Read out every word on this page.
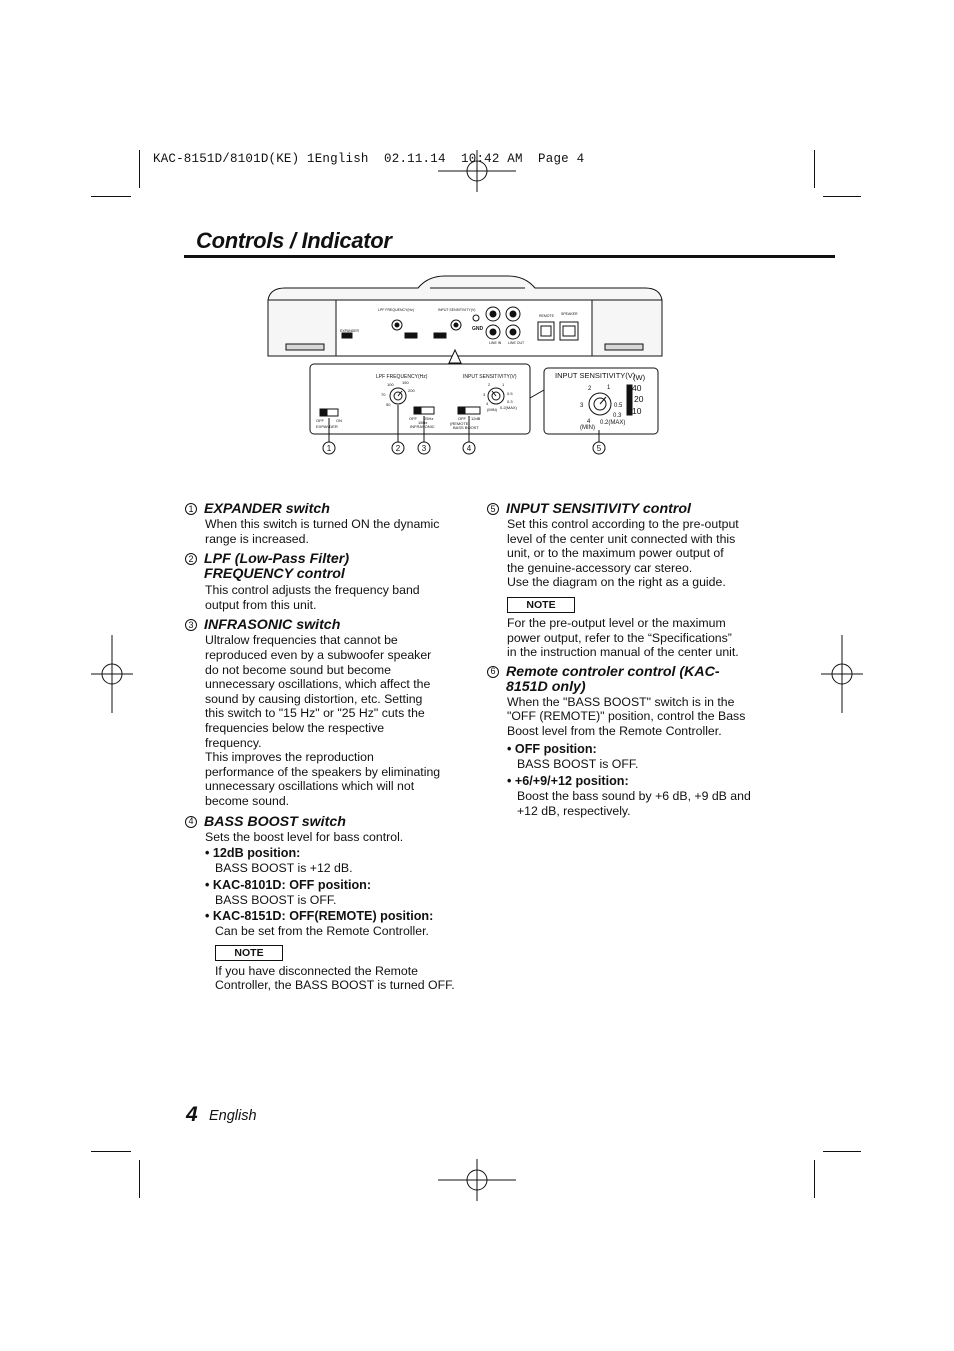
KAC-8151D/8101D(KE) 1English  02.11.14  10:42 AM  Page 4
Controls / Indicator
EXPANDER
LPF FREQUENCY(Hz)	INPUT SENSITIVITY(V)
GND
LINE IN LINE OUT
REMOTE SPEAKER
LPF FREQUENCY(Hz)	INPUT SENSITIVITY(V)
100 150
200
70
50
2	1
3
4
0.5
0.3
0.2(MAX)
(MIN)
OFF	ON
EXPANDER
OFF 25Hz
15Hz
INFRASONIC
OFF 12dB
(REMOTE)
BASS BOOST
INPUT SENSITIVITY(V)
(W)
40
20
10
2	1
3
4
0.5
0.3
0.2(MAX)
(MIN)
1	2	3	4	5
1 EXPANDER switch
When this switch is turned ON the dynamic
range is increased.
2 LPF (Low-Pass Filter)
FREQUENCY control
This control adjusts the frequency band
output from this unit.
3 INFRASONIC switch
Ultralow frequencies that cannot be
reproduced even by a subwoofer speaker
do not become sound but become
unnecessary oscillations, which affect the
sound by causing distortion, etc. Setting
this switch to "15 Hz" or "25 Hz" cuts the
frequencies below the respective
frequency.
This improves the reproduction
performance of the speakers by eliminating
unnecessary oscillations which will not
become sound.
4 BASS BOOST switch
Sets the boost level for bass control.
• 12dB position:
BASS BOOST is +12 dB.
• KAC-8101D: OFF position:
BASS BOOST is OFF.
• KAC-8151D: OFF(REMOTE) position:
Can be set from the Remote Controller.
NOTE
If you have disconnected the Remote
Controller, the BASS BOOST is turned OFF.
5 INPUT SENSITIVITY control
Set this control according to the pre-output
level of the center unit connected with this
unit, or to the maximum power output of
the genuine-accessory car stereo.
Use the diagram on the right as a guide.
NOTE
For the pre-output level or the maximum
power output, refer to the “Specifications”
in the instruction manual of the center unit.
6 Remote controler control (KAC-
8151D only)
When the "BASS BOOST" switch is in the
"OFF (REMOTE)" position, control the Bass
Boost level from the Remote Controller.
• OFF position:
BASS BOOST is OFF.
• +6/+9/+12 position:
Boost the bass sound by +6 dB, +9 dB and
+12 dB, respectively.
4 English
